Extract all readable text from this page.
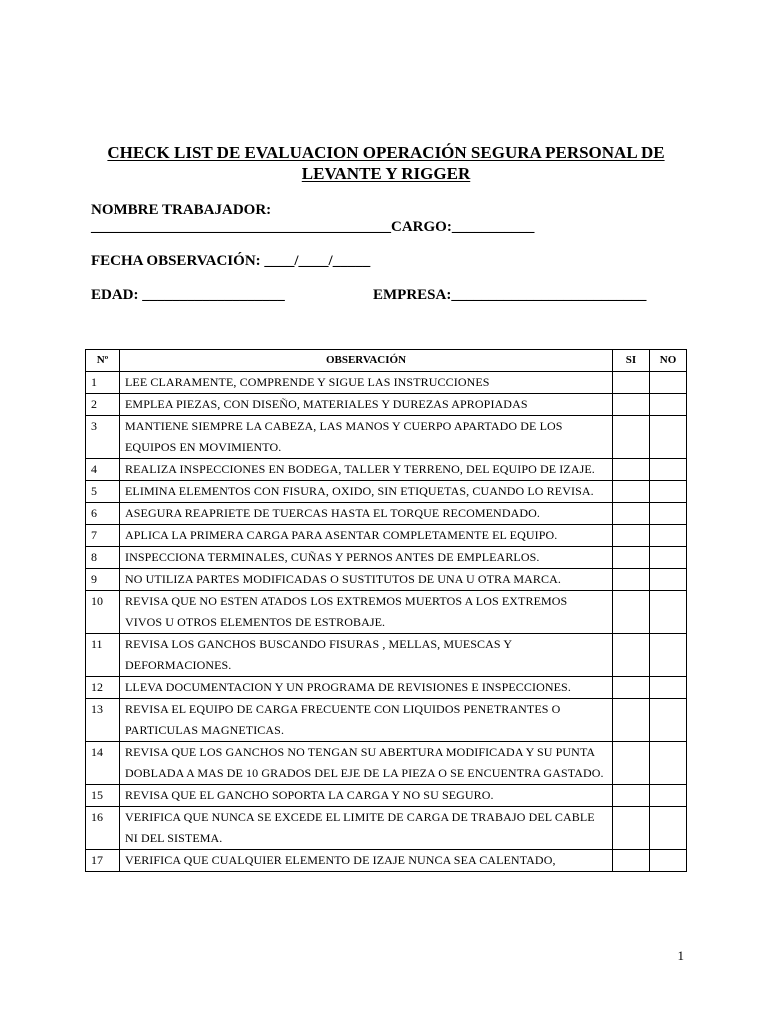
CHECK LIST DE EVALUACION OPERACIÓN SEGURA PERSONAL DE LEVANTE Y RIGGER
NOMBRE TRABAJADOR:
________________________________________CARGO:___________
FECHA OBSERVACIÓN: ____/____/_____
EDAD: ___________________	EMPRESA:__________________________
Nº	OBSERVACIÓN	SI	NO
1	LEE CLARAMENTE, COMPRENDE Y SIGUE LAS INSTRUCCIONES		
2	EMPLEA PIEZAS, CON DISEÑO, MATERIALES Y DUREZAS APROPIADAS		
3	MANTIENE SIEMPRE LA CABEZA, LAS MANOS Y CUERPO APARTADO DE LOS EQUIPOS EN MOVIMIENTO.		
4	REALIZA INSPECCIONES EN BODEGA, TALLER Y TERRENO, DEL EQUIPO DE IZAJE.		
5	ELIMINA ELEMENTOS CON FISURA, OXIDO, SIN ETIQUETAS, CUANDO LO REVISA.		
6	ASEGURA REAPRIETE DE TUERCAS HASTA EL TORQUE RECOMENDADO.		
7	APLICA LA PRIMERA CARGA PARA ASENTAR COMPLETAMENTE EL EQUIPO.		
8	INSPECCIONA TERMINALES, CUÑAS Y PERNOS ANTES DE EMPLEARLOS.		
9	NO UTILIZA PARTES MODIFICADAS O SUSTITUTOS DE UNA U OTRA MARCA.		
10	REVISA QUE NO ESTEN ATADOS LOS EXTREMOS MUERTOS A LOS EXTREMOS VIVOS U OTROS ELEMENTOS DE ESTROBAJE.		
11	REVISA LOS GANCHOS BUSCANDO FISURAS , MELLAS, MUESCAS Y DEFORMACIONES.		
12	LLEVA DOCUMENTACION Y UN PROGRAMA DE REVISIONES E INSPECCIONES.		
13	REVISA EL EQUIPO DE CARGA FRECUENTE CON LIQUIDOS PENETRANTES O PARTICULAS MAGNETICAS.		
14	REVISA QUE LOS GANCHOS NO TENGAN SU ABERTURA MODIFICADA Y SU PUNTA DOBLADA A MAS DE 10 GRADOS DEL EJE DE LA PIEZA O SE ENCUENTRA GASTADO.		
15	REVISA QUE EL GANCHO SOPORTA LA CARGA Y NO SU SEGURO.		
16	VERIFICA QUE NUNCA SE EXCEDE EL LIMITE DE CARGA DE TRABAJO DEL CABLE NI DEL SISTEMA.		
17	VERIFICA QUE CUALQUIER ELEMENTO DE IZAJE NUNCA SEA CALENTADO,		
1
